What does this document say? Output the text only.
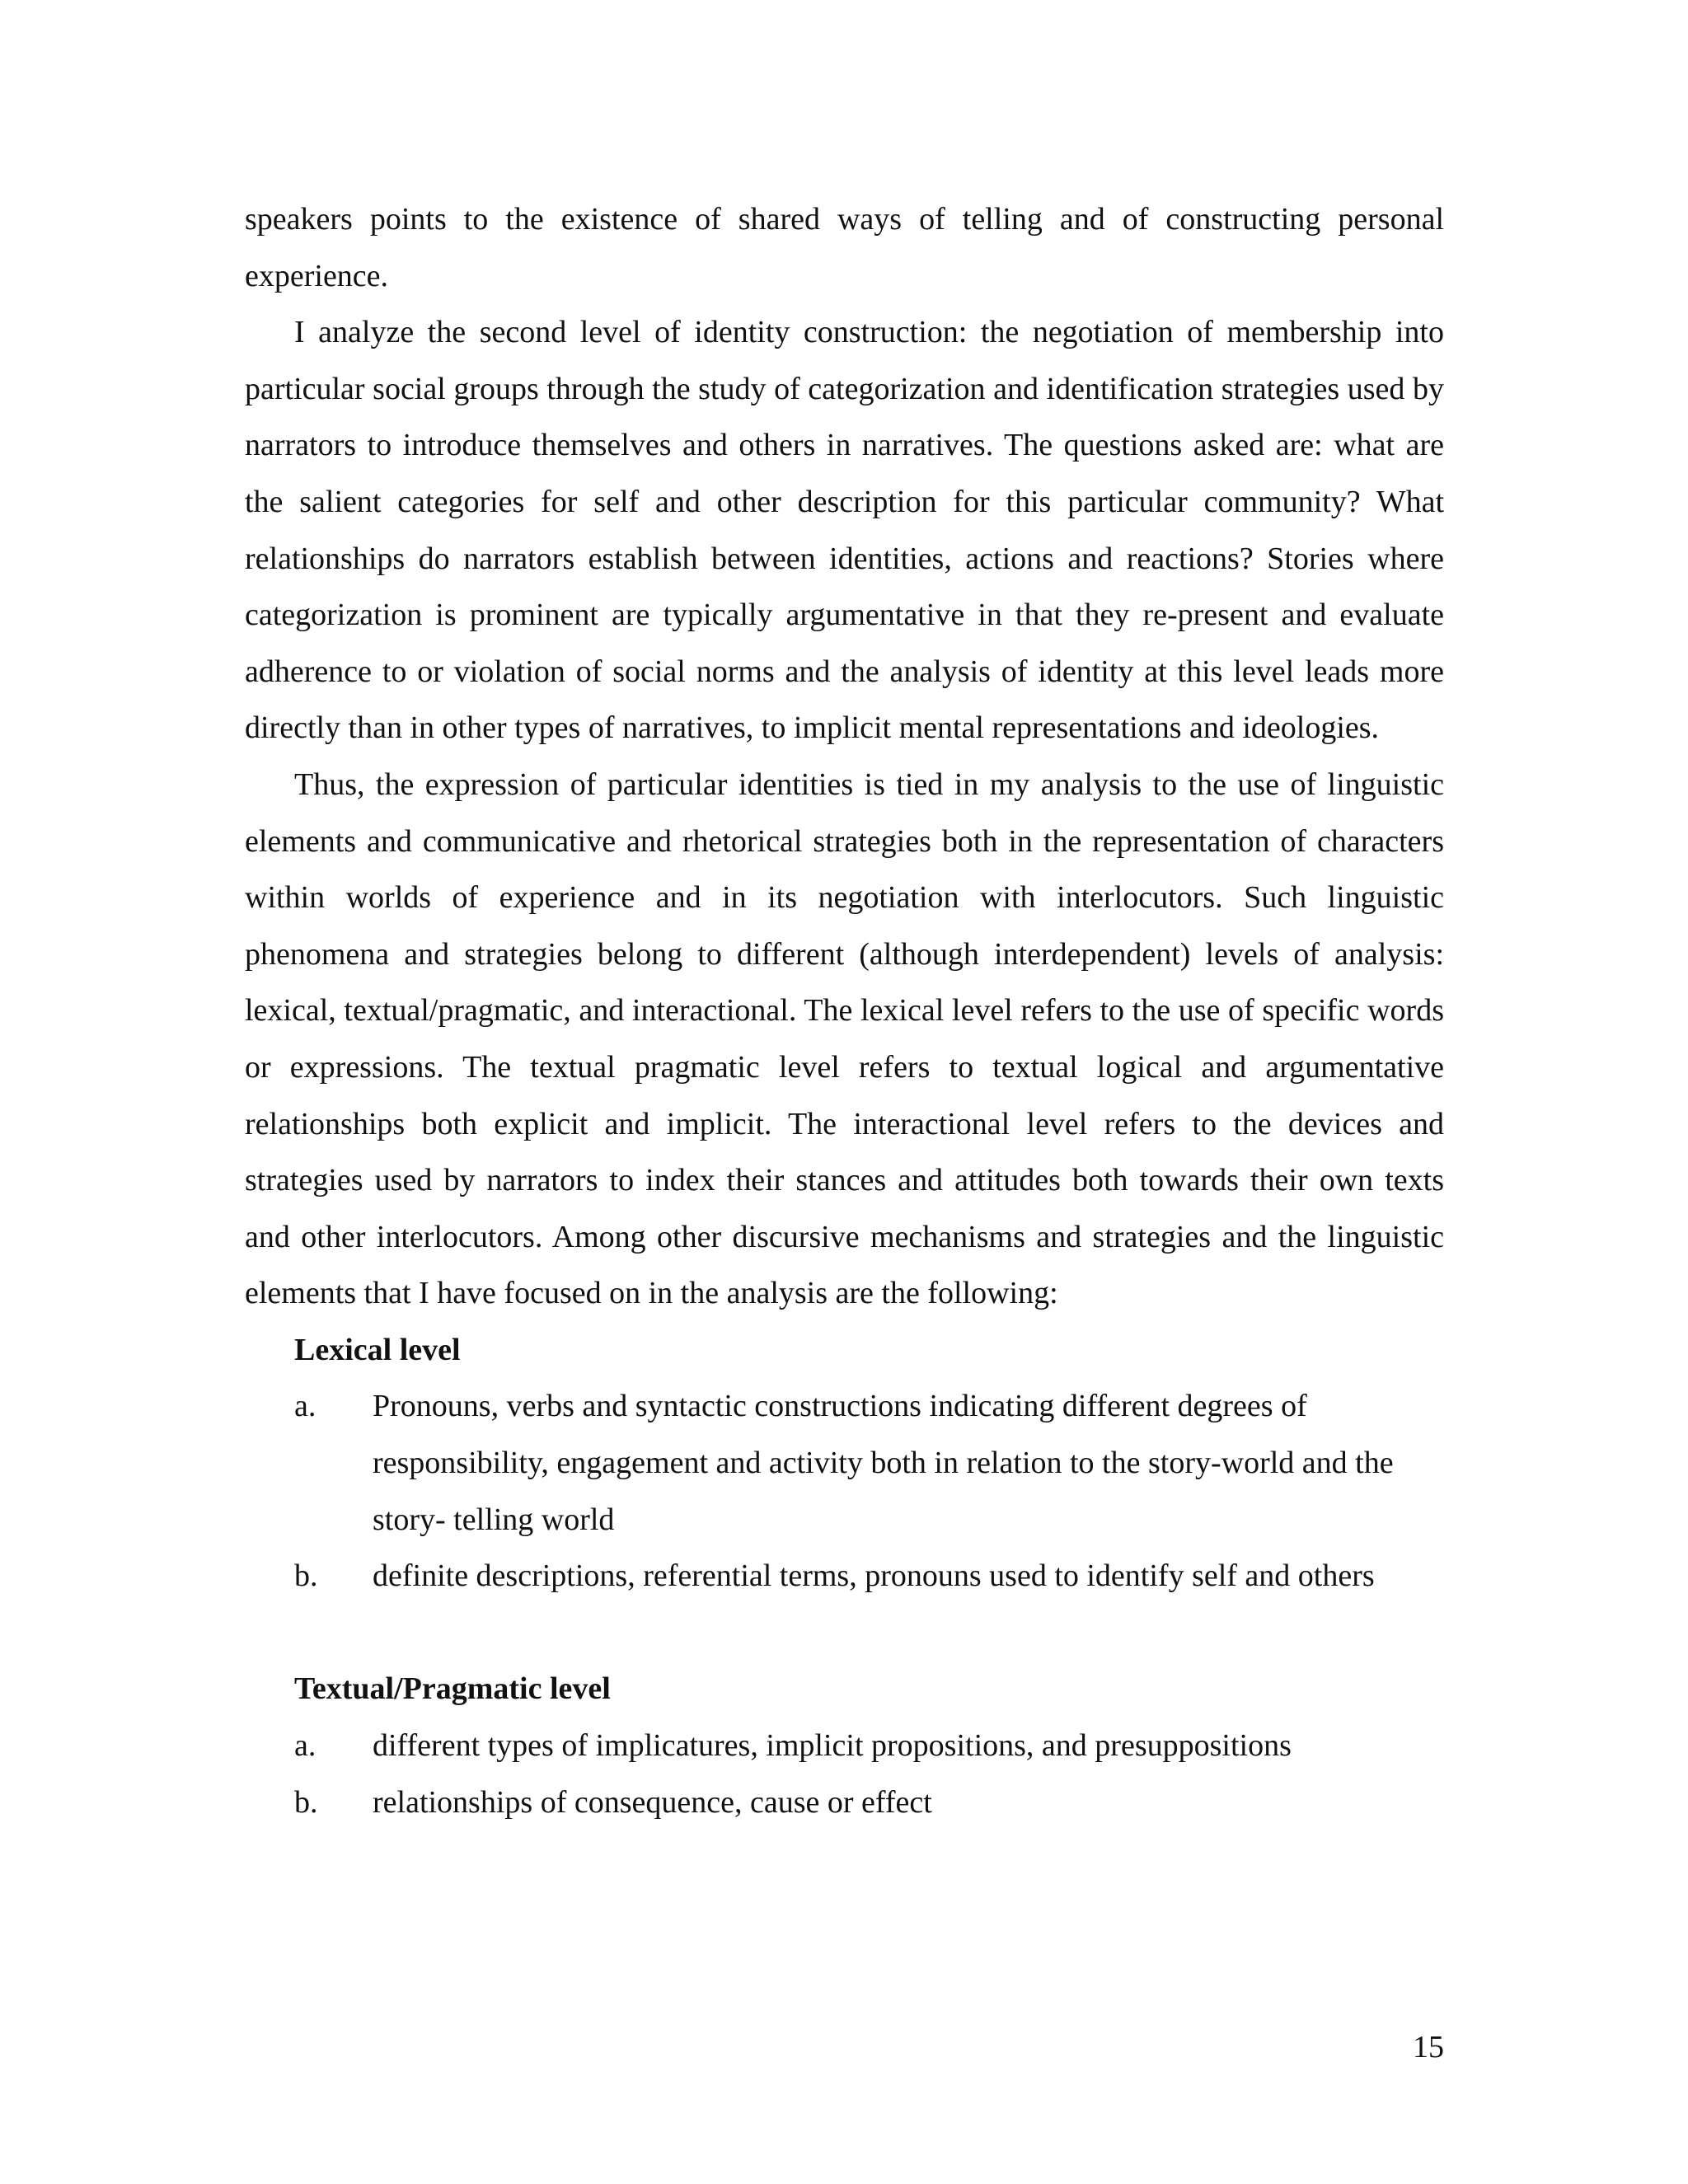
speakers points to the existence of shared ways of telling and of constructing personal experience.

I analyze the second level of identity construction: the negotiation of membership into particular social groups through the study of categorization and identification strategies used by narrators to introduce themselves and others in narratives. The questions asked are: what are the salient categories for self and other description for this particular community? What relationships do narrators establish between identities, actions and reactions? Stories where categorization is prominent are typically argumentative in that they re-present and evaluate adherence to or violation of social norms and the analysis of identity at this level leads more directly than in other types of narratives, to implicit mental representations and ideologies.

Thus, the expression of particular identities is tied in my analysis to the use of linguistic elements and communicative and rhetorical strategies both in the representation of characters within worlds of experience and in its negotiation with interlocutors. Such linguistic phenomena and strategies belong to different (although interdependent) levels of analysis: lexical, textual/pragmatic, and interactional. The lexical level refers to the use of specific words or expressions. The textual pragmatic level refers to textual logical and argumentative relationships both explicit and implicit. The interactional level refers to the devices and strategies used by narrators to index their stances and attitudes both towards their own texts and other interlocutors. Among other discursive mechanisms and strategies and the linguistic elements that I have focused on in the analysis are the following:

Lexical level

a.	Pronouns, verbs and syntactic constructions indicating different degrees of responsibility, engagement and activity both in relation to the story-world and the story- telling world
b.	definite descriptions, referential terms, pronouns used to identify self and others

Textual/Pragmatic level

a.	different types of implicatures, implicit propositions, and presuppositions
b.	relationships of consequence, cause or effect
15
